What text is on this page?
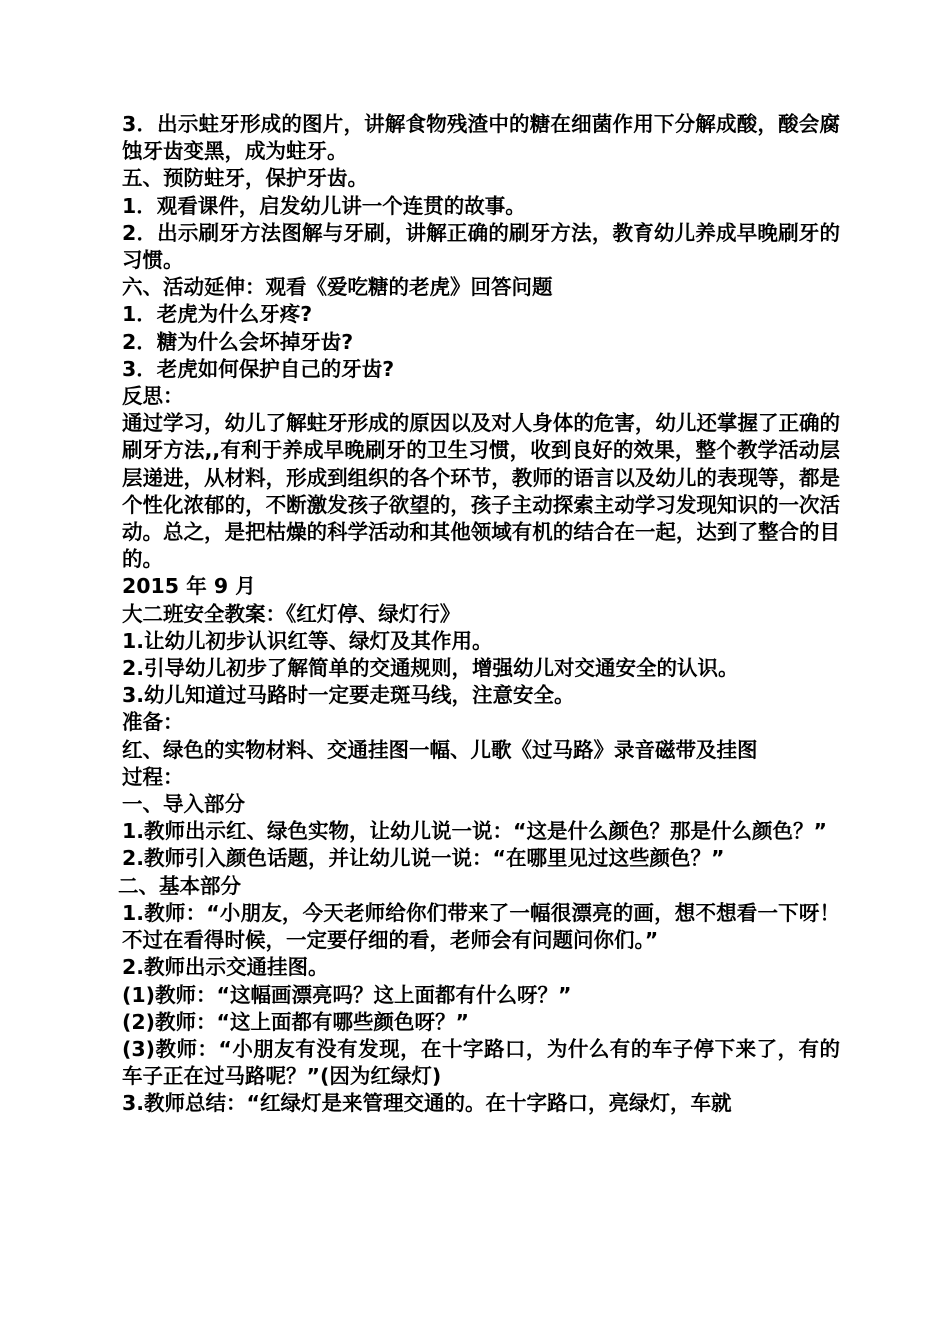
3．出示蛀牙形成的图片，讲解食物残渣中的糖在细菌作用下分解成酸，酸会腐蚀牙齿变黑，成为蛀牙。

五、预防蛀牙，保护牙齿。

1．观看课件，启发幼儿讲一个连贯的故事。

2．出示刷牙方法图解与牙刷，讲解正确的刷牙方法，教育幼儿养成早晚刷牙的习惯。

六、活动延伸：观看《爱吃糖的老虎》回答问题

1．老虎为什么牙疼?

2．糖为什么会坏掉牙齿?

3．老虎如何保护自己的牙齿?

反思：

通过学习，幼儿了解蛀牙形成的原因以及对人身体的危害，幼儿还掌握了正确的刷牙方法,,有利于养成早晚刷牙的卫生习惯，收到良好的效果，整个教学活动层层递进，从材料，形成到组织的各个环节，教师的语言以及幼儿的表现等，都是个性化浓郁的，不断激发孩子欲望的，孩子主动探索主动学习发现知识的一次活动。总之，是把枯燥的科学活动和其他领域有机的结合在一起，达到了整合的目的。

2015 年 9 月

大二班安全教案：《红灯停、绿灯行》

1.让幼儿初步认识红等、绿灯及其作用。

2.引导幼儿初步了解简单的交通规则，增强幼儿对交通安全的认识。

3.幼儿知道过马路时一定要走斑马线，注意安全。

准备：

红、绿色的实物材料、交通挂图一幅、儿歌《过马路》录音磁带及挂图

过程：

一、导入部分

1.教师出示红、绿色实物，让幼儿说一说：“这是什么颜色？那是什么颜色？”

2.教师引入颜色话题，并让幼儿说一说：“在哪里见过这些颜色？”

二、基本部分

1.教师：“小朋友，今天老师给你们带来了一幅很漂亮的画，想不想看一下呀！不过在看得时候，一定要仔细的看，老师会有问题问你们。”

2.教师出示交通挂图。

(1)教师：“这幅画漂亮吗？这上面都有什么呀？”

(2)教师：“这上面都有哪些颜色呀？”

(3)教师：“小朋友有没有发现，在十字路口，为什么有的车子停下来了，有的车子正在过马路呢？”(因为红绿灯)

3.教师总结：“红绿灯是来管理交通的。在十字路口，亮绿灯，车就
